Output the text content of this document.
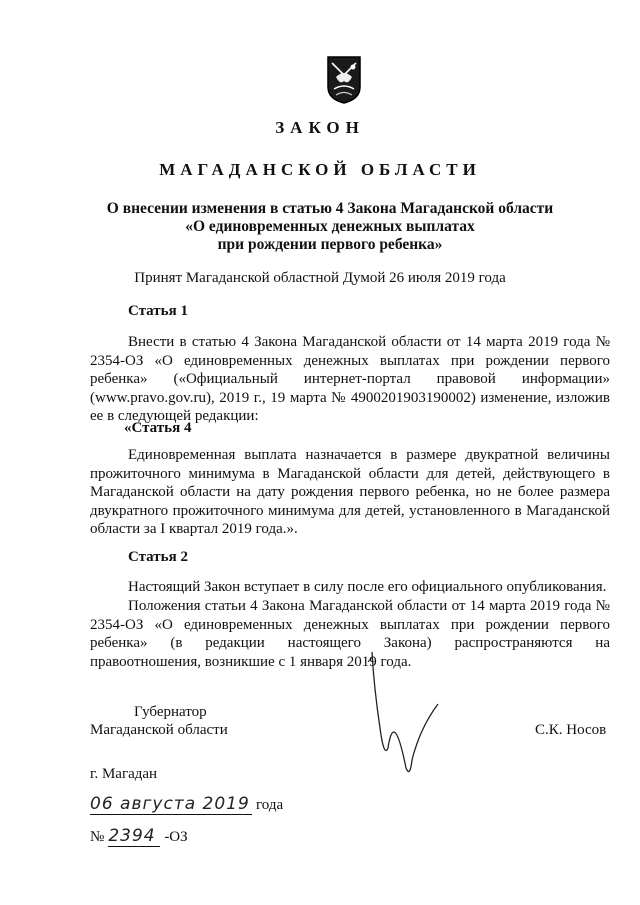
ЗАКОН
МАГАДАНСКОЙ ОБЛАСТИ
О внесении изменения в статью 4 Закона Магаданской области
«О единовременных денежных выплатах
при рождении первого ребенка»
Принят Магаданской областной Думой 26 июля 2019 года
Статья 1
Внести в статью 4 Закона Магаданской области от 14 марта 2019 года № 2354-ОЗ «О единовременных денежных выплатах при рождении первого ребенка» («Официальный интернет-портал правовой информации» (www.pravo.gov.ru), 2019 г., 19 марта № 4900201903190002) изменение, изложив ее в следующей редакции:
«Статья 4
Единовременная выплата назначается в размере двукратной величины прожиточного минимума в Магаданской области для детей, действующего в Магаданской области на дату рождения первого ребенка, но не более размера двукратного прожиточного минимума для детей, установленного в Магаданской области за I квартал 2019 года.».
Статья 2
Настоящий Закон вступает в силу после его официального опубликования.
Положения статьи 4 Закона Магаданской области от 14 марта 2019 года № 2354-ОЗ «О единовременных денежных выплатах при рождении первого ребенка» (в редакции настоящего Закона) распространяются на правоотношения, возникшие с 1 января 2019 года.
Губернатор
Магаданской области	С.К. Носов
г. Магадан
06 августа 2019 года
№ 2394 -ОЗ
